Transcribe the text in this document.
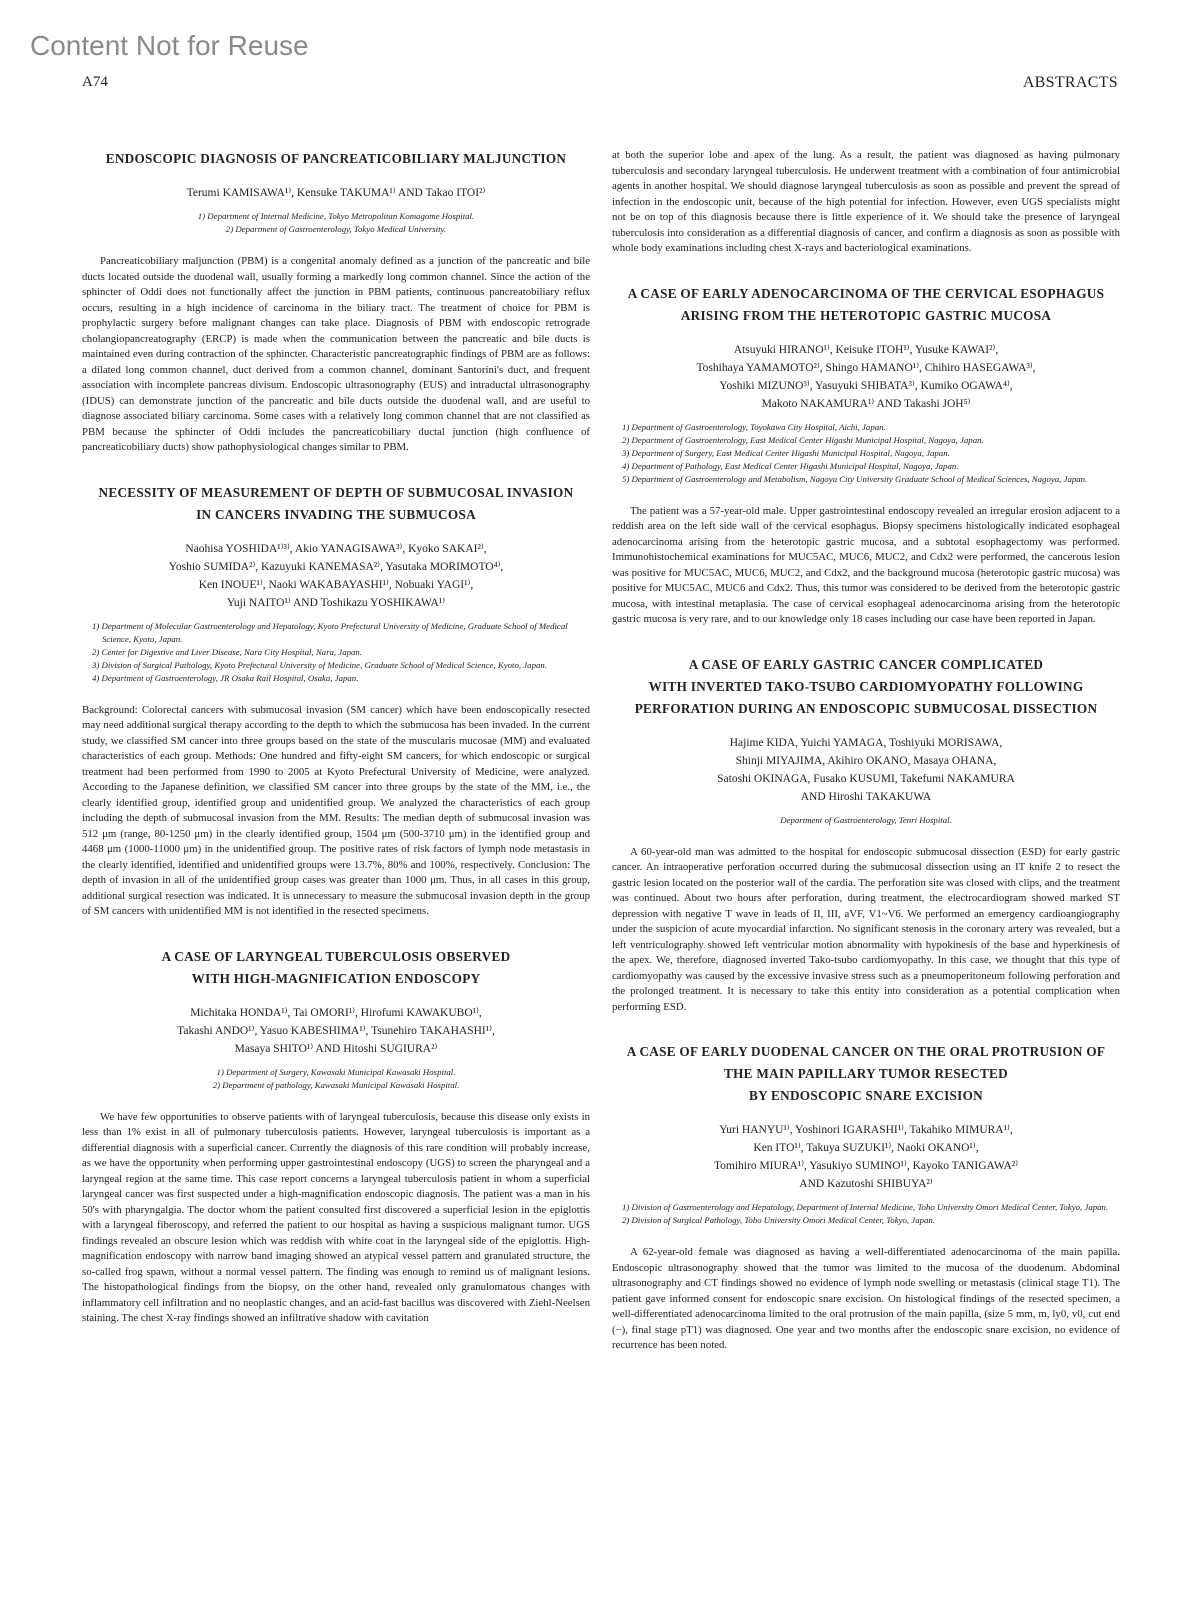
Content Not for Reuse
A74	ABSTRACTS
ENDOSCOPIC DIAGNOSIS OF PANCREATICOBILIARY MALJUNCTION
Terumi KAMISAWA¹⁾, Kensuke TAKUMA¹⁾ AND Takao ITOI²⁾
1) Department of Internal Medicine, Tokyo Metropolitan Komagome Hospital.
2) Department of Gastroenterology, Tokyo Medical University.

Pancreaticobiliary maljunction (PBM) is a congenital anomaly defined as a junction of the pancreatic and bile ducts located outside the duodenal wall, usually forming a markedly long common channel. Since the action of the sphincter of Oddi does not functionally affect the junction in PBM patients, continuous pancreatobiliary reflux occurs, resulting in a high incidence of carcinoma in the biliary tract. The treatment of choice for PBM is prophylactic surgery before malignant changes can take place. Diagnosis of PBM with endoscopic retrograde cholangiopancreatography (ERCP) is made when the communication between the pancreatic and bile ducts is maintained even during contraction of the sphincter. Characteristic pancreatographic findings of PBM are as follows: a dilated long common channel, duct derived from a common channel, dominant Santorini's duct, and frequent association with incomplete pancreas divisum. Endoscopic ultrasonography (EUS) and intraductal ultrasonography (IDUS) can demonstrate junction of the pancreatic and bile ducts outside the duodenal wall, and are useful to diagnose associated biliary carcinoma. Some cases with a relatively long common channel that are not classified as PBM because the sphincter of Oddi includes the pancreaticobiliary ductal junction (high confluence of pancreaticobiliary ducts) show pathophysiological changes similar to PBM.

NECESSITY OF MEASUREMENT OF DEPTH OF SUBMUCOSAL INVASION
IN CANCERS INVADING THE SUBMUCOSA
Naohisa YOSHIDA¹⁾³⁾, Akio YANAGISAWA³⁾, Kyoko SAKAI²⁾,
Yoshio SUMIDA²⁾, Kazuyuki KANEMASA²⁾, Yasutaka MORIMOTO⁴⁾,
Ken INOUE¹⁾, Naoki WAKABAYASHI¹⁾, Nobuaki YAGI¹⁾,
Yuji NAITO¹⁾ AND Toshikazu YOSHIKAWA¹⁾
1) Department of Molecular Gastroenterology and Hepatology, Kyoto Prefectural University of Medicine, Graduate School of Medical Science, Kyoto, Japan.
2) Center for Digestive and Liver Disease, Nara City Hospital, Nara, Japan.
3) Division of Surgical Pathology, Kyoto Prefectural University of Medicine, Graduate School of Medical Science, Kyoto, Japan.
4) Department of Gastroenterology, JR Osaka Rail Hospital, Osaka, Japan.

Background: Colorectal cancers with submucosal invasion (SM cancer) which have been endoscopically resected may need additional surgical therapy according to the depth to which the submucosa has been invaded. In the current study, we classified SM cancer into three groups based on the state of the muscularis mucosae (MM) and evaluated characteristics of each group. Methods: One hundred and fifty-eight SM cancers, for which endoscopic or surgical treatment had been performed from 1990 to 2005 at Kyoto Prefectural University of Medicine, were analyzed. According to the Japanese definition, we classified SM cancer into three groups by the state of the MM, i.e., the clearly identified group, identified group and unidentified group. We analyzed the characteristics of each group including the depth of submucosal invasion from the MM. Results: The median depth of submucosal invasion was 512 μm (range, 80-1250 μm) in the clearly identified group, 1504 μm (500-3710 μm) in the identified group and 4468 μm (1000-11000 μm) in the unidentified group. The positive rates of risk factors of lymph node metastasis in the clearly identified, identified and unidentified groups were 13.7%, 80% and 100%, respectively. Conclusion: The depth of invasion in all of the unidentified group cases was greater than 1000 μm. Thus, in all cases in this group, additional surgical resection was indicated. It is unnecessary to measure the submucosal invasion depth in the group of SM cancers with unidentified MM is not identified in the resected specimens.

A CASE OF LARYNGEAL TUBERCULOSIS OBSERVED
WITH HIGH-MAGNIFICATION ENDOSCOPY
Michitaka HONDA¹⁾, Tai OMORI¹⁾, Hirofumi KAWAKUBO¹⁾,
Takashi ANDO¹⁾, Yasuo KABESHIMA¹⁾, Tsunehiro TAKAHASHI¹⁾,
Masaya SHITO¹⁾ AND Hitoshi SUGIURA²⁾
1) Department of Surgery, Kawasaki Municipal Kawasaki Hospital.
2) Department of pathology, Kawasaki Municipal Kawasaki Hospital.

We have few opportunities to observe patients with of laryngeal tuberculosis, because this disease only exists in less than 1% exist in all of pulmonary tuberculosis patients. However, laryngeal tuberculosis is important as a differential diagnosis with a superficial cancer. Currently the diagnosis of this rare condition will probably increase, as we have the opportunity when performing upper gastrointestinal endoscopy (UGS) to screen the pharyngeal and a laryngeal region at the same time. This case report concerns a laryngeal tuberculosis patient in whom a superficial laryngeal cancer was first suspected under a high-magnification endoscopic diagnosis. The patient was a man in his 50's with pharyngalgia. The doctor whom the patient consulted first discovered a superficial lesion in the epiglottis with a laryngeal fiberoscopy, and referred the patient to our hospital as having a suspicious malignant tumor. UGS findings revealed an obscure lesion which was reddish with white coat in the laryngeal side of the epiglottis. High-magnification endoscopy with narrow band imaging showed an atypical vessel pattern and granulated structure, the so-called frog spawn, without a normal vessel pattern. The finding was enough to remind us of malignant lesions. The histopathological findings from the biopsy, on the other hand, revealed only granulomatous changes with inflammatory cell infiltration and no neoplastic changes, and an acid-fast bacillus was discovered with Ziehl-Neelsen staining. The chest X-ray findings showed an infiltrative shadow with cavitation

at both the superior lobe and apex of the lung. As a result, the patient was diagnosed as having pulmonary tuberculosis and secondary laryngeal tuberculosis. He underwent treatment with a combination of four antimicrobial agents in another hospital. We should diagnose laryngeal tuberculosis as soon as possible and prevent the spread of infection in the endoscopic unit, because of the high potential for infection. However, even UGS specialists might not be on top of this diagnosis because there is little experience of it. We should take the presence of laryngeal tuberculosis into consideration as a differential diagnosis of cancer, and confirm a diagnosis as soon as possible with whole body examinations including chest X-rays and bacteriological examinations.

A CASE OF EARLY ADENOCARCINOMA OF THE CERVICAL ESOPHAGUS
ARISING FROM THE HETEROTOPIC GASTRIC MUCOSA
Atsuyuki HIRANO¹⁾, Keisuke ITOH¹⁾, Yusuke KAWAI²⁾,
Toshihaya YAMAMOTO²⁾, Shingo HAMANO¹⁾, Chihiro HASEGAWA³⁾,
Yoshiki MIZUNO³⁾, Yasuyuki SHIBATA³⁾, Kumiko OGAWA⁴⁾,
Makoto NAKAMURA¹⁾ AND Takashi JOH⁵⁾
1) Department of Gastroenterology, Toyokawa City Hospital, Aichi, Japan.
2) Department of Gastroenterology, East Medical Center Higashi Municipal Hospital, Nagoya, Japan.
3) Department of Surgery, East Medical Center Higashi Municipal Hospital, Nagoya, Japan.
4) Department of Pathology, East Medical Center Higashi Municipal Hospital, Nagoya, Japan.
5) Department of Gastroenterology and Metabolism, Nagoya City University Graduate School of Medical Sciences, Nagoya, Japan.

The patient was a 57-year-old male. Upper gastrointestinal endoscopy revealed an irregular erosion adjacent to a reddish area on the left side wall of the cervical esophagus. Biopsy specimens histologically indicated esophageal adenocarcinoma arising from the heterotopic gastric mucosa, and a subtotal esophagectomy was performed. Immunohistochemical examinations for MUC5AC, MUC6, MUC2, and Cdx2 were performed, the cancerous lesion was positive for MUC5AC, MUC6, MUC2, and Cdx2, and the background mucosa (heterotopic gastric mucosa) was positive for MUC5AC, MUC6 and Cdx2. Thus, this tumor was considered to be derived from the heterotopic gastric mucosa, with intestinal metaplasia. The case of cervical esophageal adenocarcinoma arising from the heterotopic gastric mucosa is very rare, and to our knowledge only 18 cases including our case have been reported in Japan.

A CASE OF EARLY GASTRIC CANCER COMPLICATED
WITH INVERTED TAKO-TSUBO CARDIOMYOPATHY FOLLOWING
PERFORATION DURING AN ENDOSCOPIC SUBMUCOSAL DISSECTION
Hajime KIDA, Yuichi YAMAGA, Toshiyuki MORISAWA,
Shinji MIYAJIMA, Akihiro OKANO, Masaya OHANA,
Satoshi OKINAGA, Fusako KUSUMI, Takefumi NAKAMURA
AND Hiroshi TAKAKUWA
Department of Gastroenterology, Tenri Hospital.

A 60-year-old man was admitted to the hospital for endoscopic submucosal dissection (ESD) for early gastric cancer. An intraoperative perforation occurred during the submucosal dissection using an IT knife 2 to resect the gastric lesion located on the posterior wall of the cardia. The perforation site was closed with clips, and the treatment was continued. About two hours after perforation, during treatment, the electrocardiogram showed marked ST depression with negative T wave in leads of II, III, aVF, V1~V6. We performed an emergency cardioangiography under the suspicion of acute myocardial infarction. No significant stenosis in the coronary artery was revealed, but a left ventriculography showed left ventricular motion abnormality with hypokinesis of the base and hyperkinesis of the apex. We, therefore, diagnosed inverted Tako-tsubo cardiomyopathy. In this case, we thought that this type of cardiomyopathy was caused by the excessive invasive stress such as a pneumoperitoneum following perforation and the prolonged treatment. It is necessary to take this entity into consideration as a potential complication when performing ESD.

A CASE OF EARLY DUODENAL CANCER ON THE ORAL PROTRUSION OF
THE MAIN PAPILLARY TUMOR RESECTED
BY ENDOSCOPIC SNARE EXCISION
Yuri HANYU¹⁾, Yoshinori IGARASHI¹⁾, Takahiko MIMURA¹⁾,
Ken ITO¹⁾, Takuya SUZUKI¹⁾, Naoki OKANO¹⁾,
Tomihiro MIURA¹⁾, Yasukiyo SUMINO¹⁾, Kayoko TANIGAWA²⁾
AND Kazutoshi SHIBUYA²⁾
1) Division of Gastroenterology and Hepatology, Department of Internal Medicine, Toho University Omori Medical Center, Tokyo, Japan.
2) Division of Surgical Pathology, Toho University Omori Medical Center, Tokyo, Japan.

A 62-year-old female was diagnosed as having a well-differentiated adenocarcinoma of the main papilla. Endoscopic ultrasonography showed that the tumor was limited to the mucosa of the duodenum. Abdominal ultrasonography and CT findings showed no evidence of lymph node swelling or metastasis (clinical stage T1). The patient gave informed consent for endoscopic snare excision. On histological findings of the resected specimen, a well-differentiated adenocarcinoma limited to the oral protrusion of the main papilla, (size 5 mm, m, ly0, v0, cut end (−), final stage pT1) was diagnosed. One year and two months after the endoscopic snare excision, no evidence of recurrence has been noted.
